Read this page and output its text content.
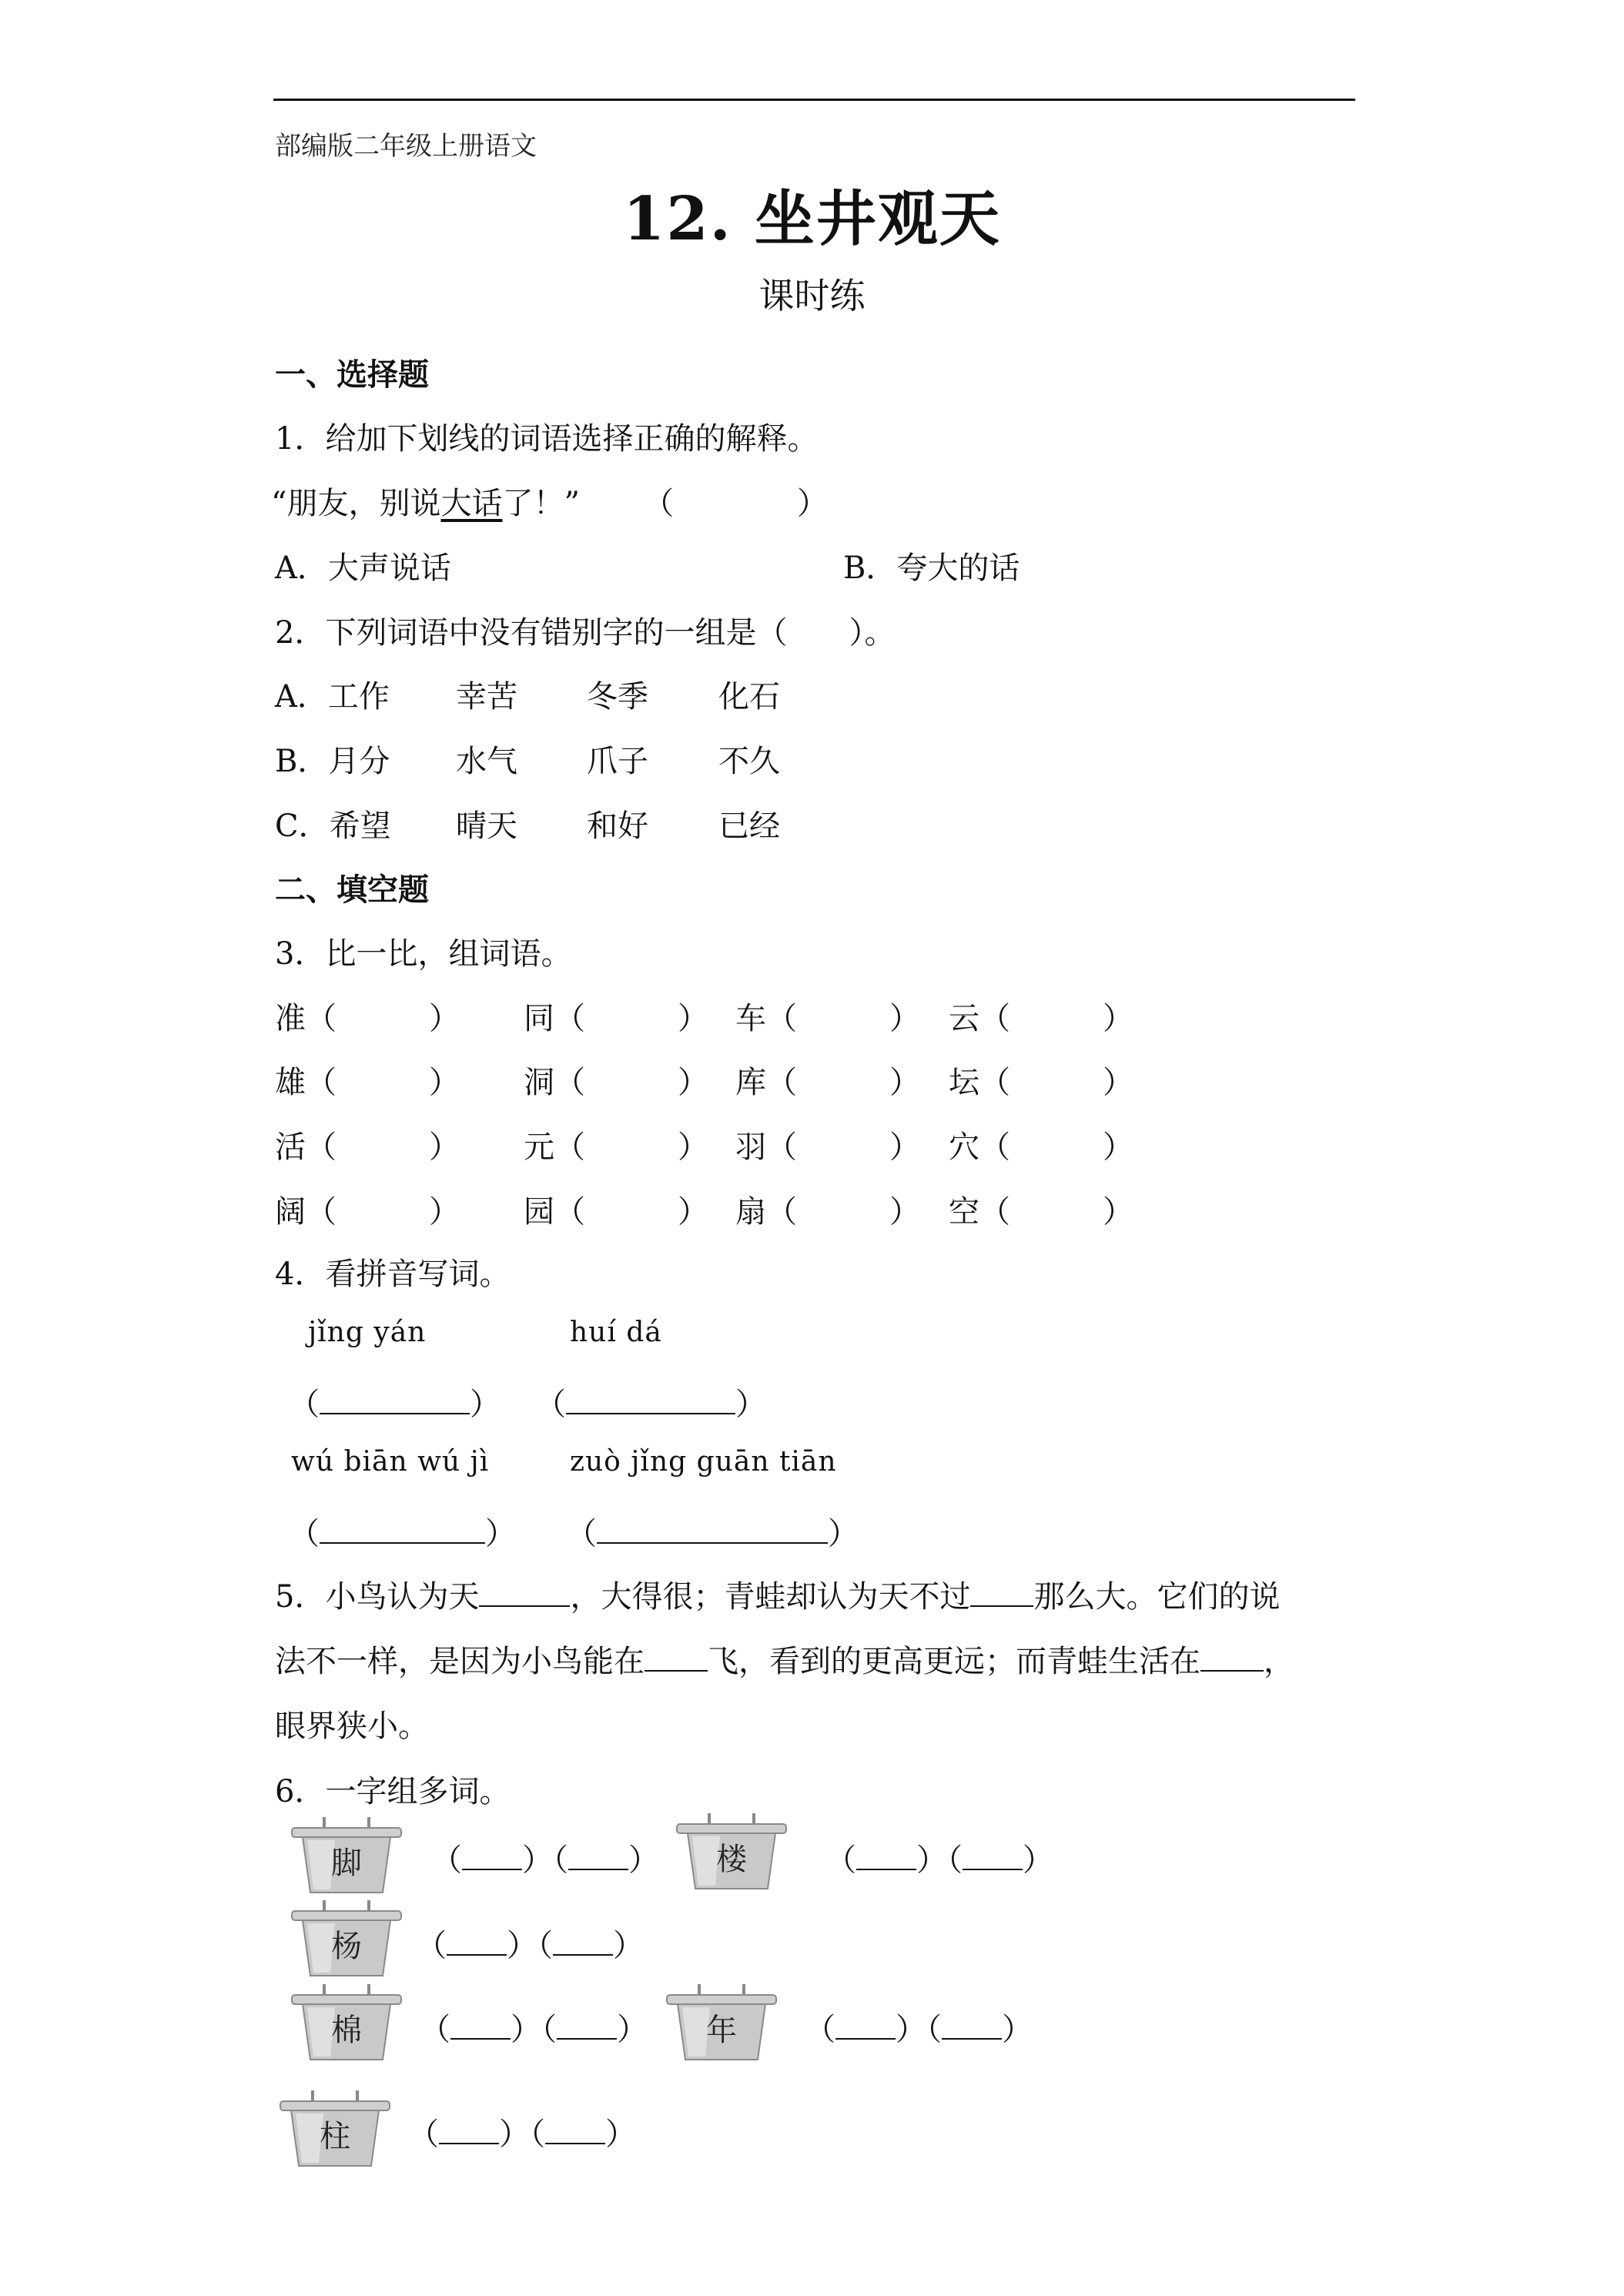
部编版二年级上册语文
12. 坐井观天
课时练
一、选择题
1．给加下划线的词语选择正确的解释。
“朋友，别说大话了！” （　　　　）
A．大声说话	B．夸大的话
2．下列词语中没有错别字的一组是（　　）。
A．工作 幸苦 冬季 化石
B．月分 水气 爪子 不久
C．希望 晴天 和好 已经
二、填空题
3．比一比，组词语。
准（　　　） 同（　　　） 车（　　　） 云（　　　）
雄（　　　） 洞（　　　） 库（　　　） 坛（　　　）
活（　　　） 元（　　　） 羽（　　　） 穴（　　　）
阔（　　　） 园（　　　） 扇（　　　） 空（　　　）
4．看拼音写词。
jǐng yán	huí dá
（	） （	）
wú biān wú jì	zuò jǐng guān tiān
（	） （	）
5．小鸟认为天	，大得很；青蛙却认为天不过 那么大。它们的说
法不一样，是因为小鸟能在 飞，看到的更高更远；而青蛙生活在 ，
眼界狭小。
6．一字组多词。
脚	（ ）（ ）	楼	（ ）（ ）
杨	（ ）（ ）
棉	（ ）（ ）	年	（ ）（ ）
柱	（ ）（ ）
